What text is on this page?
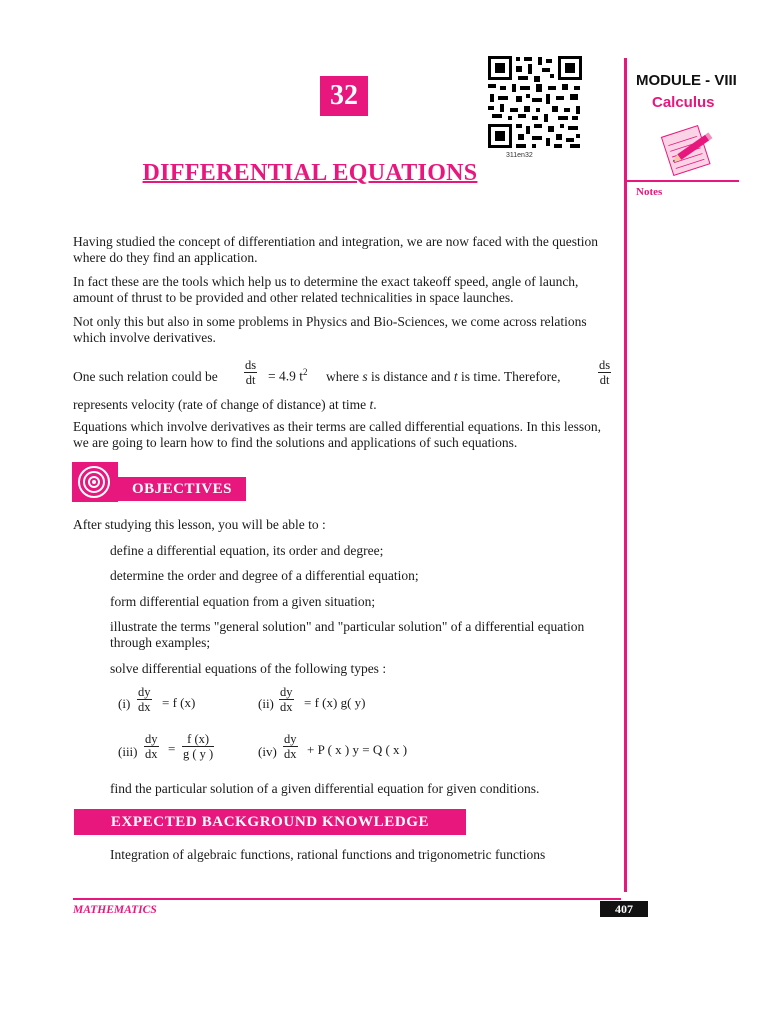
32
311en32
DIFFERENTIAL EQUATIONS
MODULE - VIII
Calculus
Notes
Having studied the concept of differentiation and integration, we are now faced with the question where do they find an application.
In fact these are the tools which help us to determine the exact takeoff speed, angle of launch, amount of thrust to be provided and other related technicalities in space launches.
Not only this but also in some problems in Physics and Bio-Sciences, we come across relations which involve derivatives.
One such relation could be $\frac{ds}{dt} = 4.9$ $t^2$ where s is distance and t is time. Therefore,	$\frac{ds}{dt}$
represents velocity (rate of change of distance) at time t.
Equations which involve derivatives as their terms are called differential equations. In this lesson, we are going to learn how to find the solutions and applications of such equations.
OBJECTIVES
After studying this lesson, you will be able to :
define a differential equation, its order and degree;
determine the order and degree of a differential equation;
form differential equation from a given situation;
illustrate the terms "general solution" and "particular solution" of a differential equation through examples;
solve differential equations of the following types :
$(i) \frac{dy}{dx} = f$ (x)	$(ii) \frac{dy}{dx} = f$ (x) g( y)
$(iii) \frac{dy}{dx} = \frac{f (x)}{g ( y )}$	$(iv) \frac{dy}{dx} + P$ ( x ) y = Q ( x )
find the particular solution of a given differential equation for given conditions.
EXPECTED BACKGROUND KNOWLEDGE
Integration of algebraic functions, rational functions and trigonometric functions
MATHEMATICS	407
